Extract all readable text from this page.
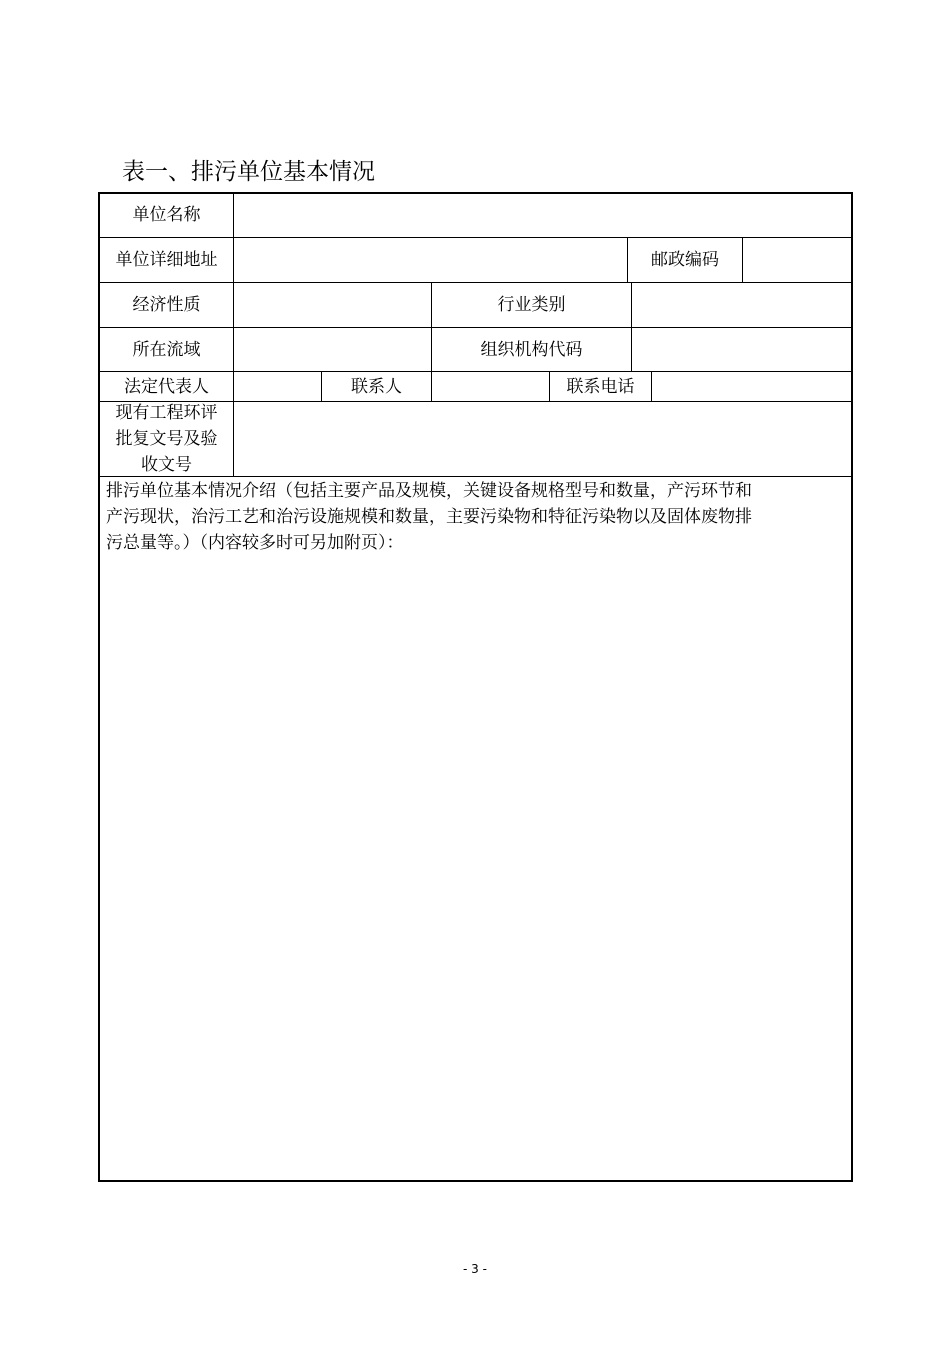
表一、排污单位基本情况
单位名称
单位详细地址	邮政编码
经济性质	行业类别
所在流域	组织机构代码
法定代表人	联系人	联系电话
现有工程环评
批复文号及验
收文号
排污单位基本情况介绍（包括主要产品及规模，关键设备规格型号和数量，产污环节和
产污现状，治污工艺和治污设施规模和数量，主要污染物和特征污染物以及固体废物排
污总量等。）（内容较多时可另加附页）：
- 3 -
